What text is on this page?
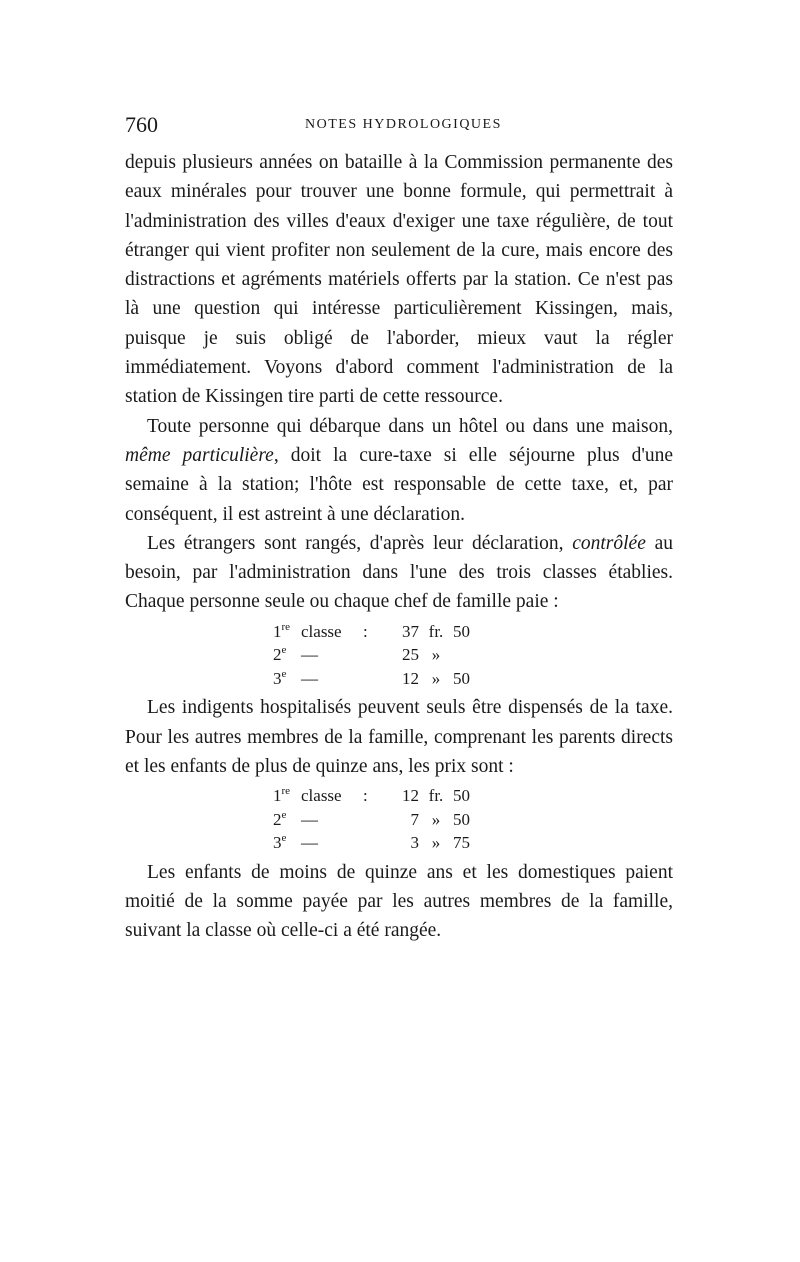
760	NOTES HYDROLOGIQUES

depuis plusieurs années on bataille à la Commission permanente des eaux minérales pour trouver une bonne formule, qui permettrait à l'administration des villes d'eaux d'exiger une taxe régulière, de tout étranger qui vient profiter non seulement de la cure, mais encore des distractions et agréments matériels offerts par la station. Ce n'est pas là une question qui intéresse particulièrement Kissingen, mais, puisque je suis obligé de l'aborder, mieux vaut la régler immédiatement. Voyons d'abord comment l'administration de la station de Kissingen tire parti de cette ressource.

Toute personne qui débarque dans un hôtel ou dans une maison, même particulière, doit la cure-taxe si elle séjourne plus d'une semaine à la station; l'hôte est responsable de cette taxe, et, par conséquent, il est astreint à une déclaration.

Les étrangers sont rangés, d'après leur déclaration, contrôlée au besoin, par l'administration dans l'une des trois classes établies. Chaque personne seule ou chaque chef de famille paie :

1re	classe	:	37	fr.	50
2e	—		25	»	
3e	—		12	»	50

Les indigents hospitalisés peuvent seuls être dispensés de la taxe. Pour les autres membres de la famille, comprenant les parents directs et les enfants de plus de quinze ans, les prix sont :

1re	classe	:	12	fr.	50
2e	—		7	»	50
3e	—		3	»	75

Les enfants de moins de quinze ans et les domestiques paient moitié de la somme payée par les autres membres de la famille, suivant la classe où celle-ci a été rangée.
